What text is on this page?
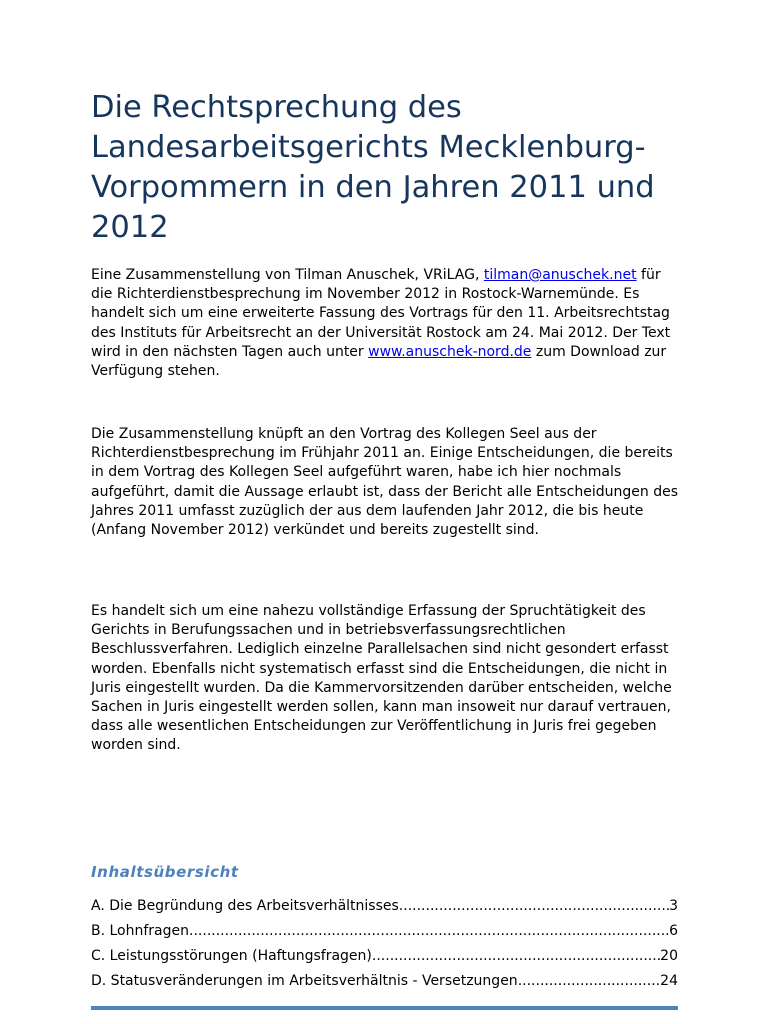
Die Rechtsprechung des Landesarbeitsgerichts Mecklenburg-Vorpommern in den Jahren 2011 und 2012

Eine Zusammenstellung von Tilman Anuschek, VRiLAG, tilman@anuschek.net für die Richterdienstbesprechung im November 2012 in Rostock-Warnemünde. Es handelt sich um eine erweiterte Fassung des Vortrags für den 11. Arbeitsrechtstag des Instituts für Arbeitsrecht an der Universität Rostock am 24. Mai 2012. Der Text wird in den nächsten Tagen auch unter www.anuschek-nord.de zum Download zur Verfügung stehen.

Die Zusammenstellung knüpft an den Vortrag des Kollegen Seel aus der Richterdienstbesprechung im Frühjahr 2011 an. Einige Entscheidungen, die bereits in dem Vortrag des Kollegen Seel aufgeführt waren, habe ich hier nochmals aufgeführt, damit die Aussage erlaubt ist, dass der Bericht alle Entscheidungen des Jahres 2011 umfasst zuzüglich der aus dem laufenden Jahr 2012, die bis heute (Anfang November 2012) verkündet und bereits zugestellt sind.

Es handelt sich um eine nahezu vollständige Erfassung der Spruchtätigkeit des Gerichts in Berufungssachen und in betriebsverfassungsrechtlichen Beschlussverfahren. Lediglich einzelne Parallelsachen sind nicht gesondert erfasst worden. Ebenfalls nicht systematisch erfasst sind die Entscheidungen, die nicht in Juris eingestellt wurden. Da die Kammervorsitzenden darüber entscheiden, welche Sachen in Juris eingestellt werden sollen, kann man insoweit nur darauf vertrauen, dass alle wesentlichen Entscheidungen zur Veröffentlichung in Juris frei gegeben worden sind.

Inhaltsübersicht
A. Die Begründung des Arbeitsverhältnisses .....	3
B. Lohnfragen .....	6
C. Leistungsstörungen (Haftungsfragen) .....	20
D. Statusveränderungen im Arbeitsverhältnis - Versetzungen .....	24
